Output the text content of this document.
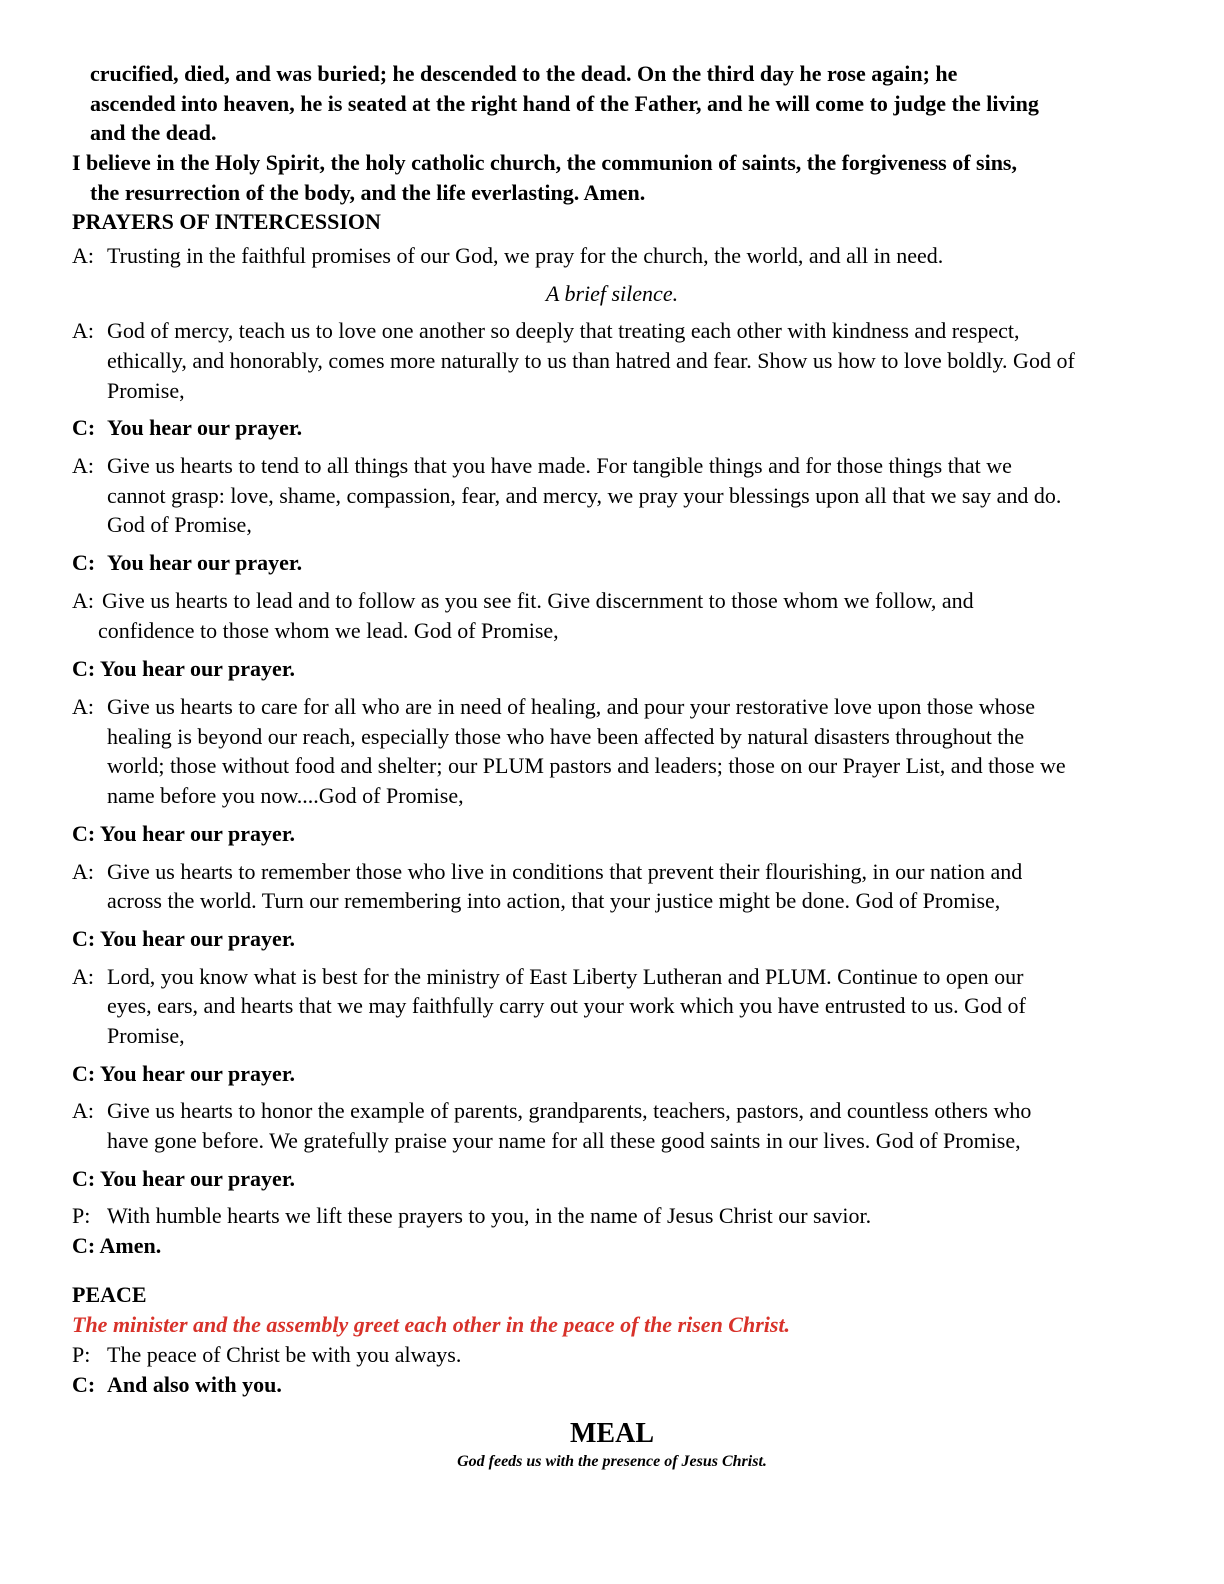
crucified, died, and was buried; he descended to the dead. On the third day he rose again; he
ascended into heaven, he is seated at the right hand of the Father, and he will come to judge the living
and the dead.
I believe in the Holy Spirit, the holy catholic church, the communion of saints, the forgiveness of sins,
the resurrection of the body, and the life everlasting. Amen.
PRAYERS OF INTERCESSION
A: Trusting in the faithful promises of our God, we pray for the church, the world, and all in need.
A brief silence.
A: God of mercy, teach us to love one another so deeply that treating each other with kindness and respect,
ethically, and honorably, comes more naturally to us than hatred and fear. Show us how to love boldly. God of
Promise,
C: You hear our prayer.
A: Give us hearts to tend to all things that you have made. For tangible things and for those things that we
cannot grasp: love, shame, compassion, fear, and mercy, we pray your blessings upon all that we say and do.
God of Promise,
C: You hear our prayer.
A: Give us hearts to lead and to follow as you see fit. Give discernment to those whom we follow, and
confidence to those whom we lead. God of Promise,
C: You hear our prayer.
A: Give us hearts to care for all who are in need of healing, and pour your restorative love upon those whose
healing is beyond our reach, especially those who have been affected by natural disasters throughout the
world; those without food and shelter; our PLUM pastors and leaders; those on our Prayer List, and those we
name before you now....God of Promise,
C: You hear our prayer.
A: Give us hearts to remember those who live in conditions that prevent their flourishing, in our nation and
across the world. Turn our remembering into action, that your justice might be done. God of Promise,
C: You hear our prayer.
A: Lord, you know what is best for the ministry of East Liberty Lutheran and PLUM. Continue to open our
eyes, ears, and hearts that we may faithfully carry out your work which you have entrusted to us. God of
Promise,
C: You hear our prayer.
A: Give us hearts to honor the example of parents, grandparents, teachers, pastors, and countless others who
have gone before. We gratefully praise your name for all these good saints in our lives. God of Promise,
C: You hear our prayer.
P: With humble hearts we lift these prayers to you, in the name of Jesus Christ our savior.
C: Amen.
PEACE
The minister and the assembly greet each other in the peace of the risen Christ.
P: The peace of Christ be with you always.
C: And also with you.
MEAL
God feeds us with the presence of Jesus Christ.
